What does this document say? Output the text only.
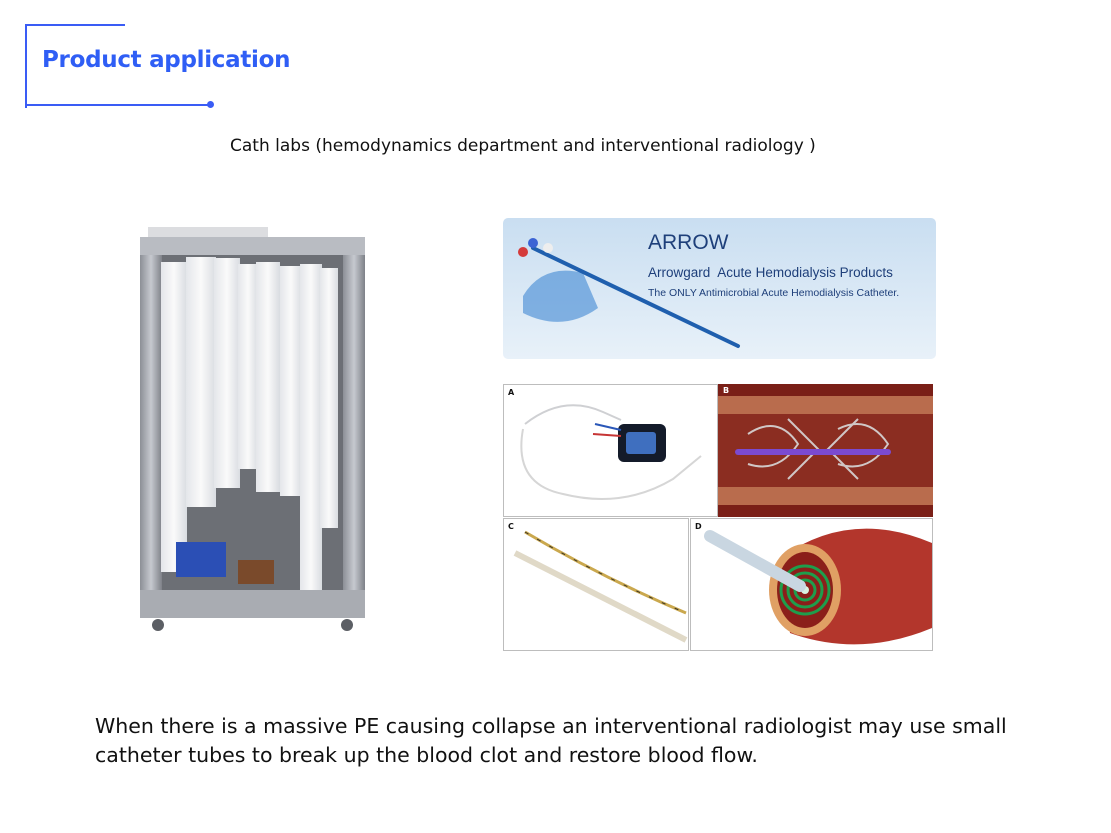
Product application
Cath labs (hemodynamics department and interventional radiology )
ARROW
Arrowgard Acute Hemodialysis Products
The ONLY Antimicrobial Acute Hemodialysis Catheter.
A	B
C	D
When there is a massive PE causing collapse an interventional radiologist may use small catheter tubes to break up the blood clot and restore blood flow.
